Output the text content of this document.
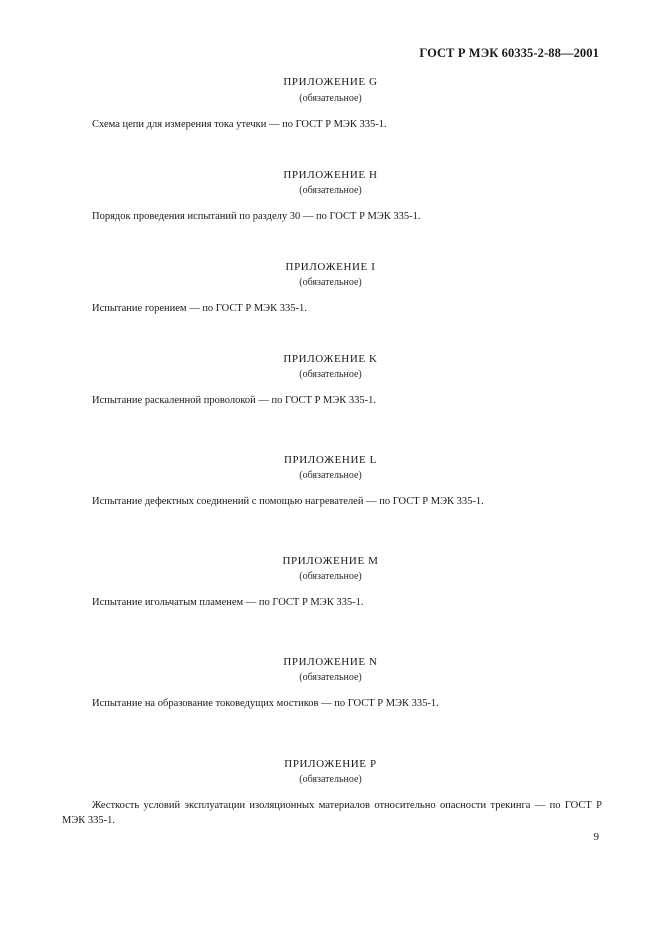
ГОСТ Р МЭК 60335-2-88—2001
ПРИЛОЖЕНИЕ G
(обязательное)
Схема цепи для измерения тока утечки — по ГОСТ Р МЭК 335-1.
ПРИЛОЖЕНИЕ H
(обязательное)
Порядок проведения испытаний по разделу 30 — по ГОСТ Р МЭК 335-1.
ПРИЛОЖЕНИЕ I
(обязательное)
Испытание горением — по ГОСТ Р МЭК 335-1.
ПРИЛОЖЕНИЕ K
(обязательное)
Испытание раскаленной проволокой — по ГОСТ Р МЭК 335-1.
ПРИЛОЖЕНИЕ L
(обязательное)
Испытание дефектных соединений с помощью нагревателей — по ГОСТ Р МЭК 335-1.
ПРИЛОЖЕНИЕ M
(обязательное)
Испытание игольчатым пламенем — по ГОСТ Р МЭК 335-1.
ПРИЛОЖЕНИЕ N
(обязательное)
Испытание на образование токоведущих мостиков — по ГОСТ Р МЭК 335-1.
ПРИЛОЖЕНИЕ P
(обязательное)
Жесткость условий эксплуатации изоляционных материалов относительно опасности трекинга — по ГОСТ Р МЭК 335-1.
9
